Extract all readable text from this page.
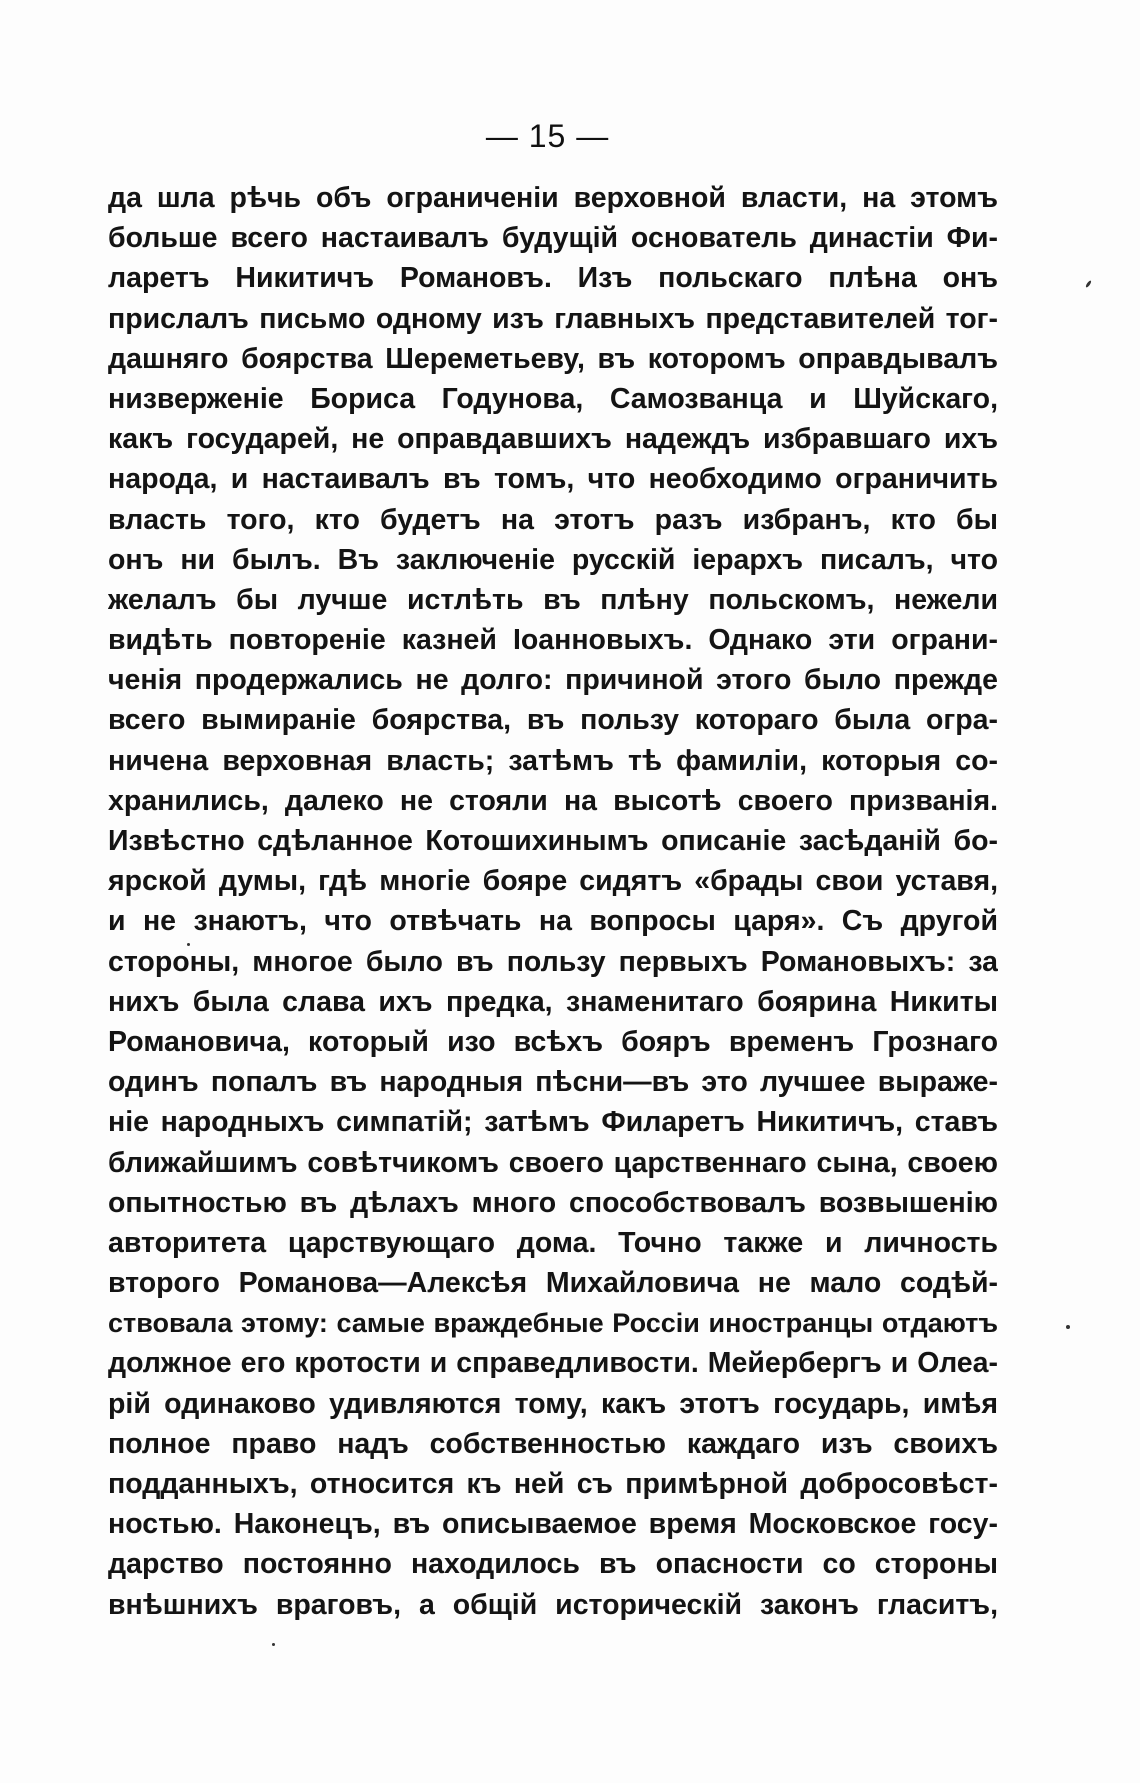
— 15 —
да шла рѣчь объ ограниченіи верховной власти, на этомъ
больше всего настаивалъ будущій основатель династіи Фи-
ларетъ Никитичъ Романовъ. Изъ польскаго плѣна онъ
прислалъ письмо одному изъ главныхъ представителей тог-
дашняго боярства Шереметьеву, въ которомъ оправдывалъ
низверженіе Бориса Годунова, Самозванца и Шуйскаго,
какъ государей, не оправдавшихъ надеждъ избравшаго ихъ
народа, и настаивалъ въ томъ, что необходимо ограничить
власть того, кто будетъ на этотъ разъ избранъ, кто бы
онъ ни былъ. Въ заключеніе русскій іерархъ писалъ, что
желалъ бы лучше истлѣть въ плѣну польскомъ, нежели
видѣть повтореніе казней Іоанновыхъ. Однако эти ограни-
ченія продержались не долго: причиной этого было прежде
всего вымираніе боярства, въ пользу котораго была огра-
ничена верховная власть; затѣмъ тѣ фамиліи, которыя со-
хранились, далеко не стояли на высотѣ своего призванія.
Извѣстно сдѣланное Котошихинымъ описаніе засѣданій бо-
ярской думы, гдѣ многіе бояре сидятъ «брады свои уставя,
и не знаютъ, что отвѣчать на вопросы царя». Съ другой
стороны, многое было въ пользу первыхъ Романовыхъ: за
нихъ была слава ихъ предка, знаменитаго боярина Никиты
Романовича, который изо всѣхъ бояръ временъ Грознаго
одинъ попалъ въ народныя пѣсни—въ это лучшее выраже-
ніе народныхъ симпатій; затѣмъ Филаретъ Никитичъ, ставъ
ближайшимъ совѣтчикомъ своего царственнаго сына, своею
опытностью въ дѣлахъ много способствовалъ возвышенію
авторитета царствующаго дома. Точно также и личность
второго Романова—Алексѣя Михайловича не мало содѣй-
ствовала этому: самые враждебные Россіи иностранцы отдаютъ
должное его кротости и справедливости. Мейербергъ и Олеа-
рій одинаково удивляются тому, какъ этотъ государь, имѣя
полное право надъ собственностью каждаго изъ своихъ
подданныхъ, относится къ ней съ примѣрной добросовѣст-
ностью. Наконецъ, въ описываемое время Московское госу-
дарство постоянно находилось въ опасности со стороны
внѣшнихъ враговъ, а общій историческій законъ гласитъ,
